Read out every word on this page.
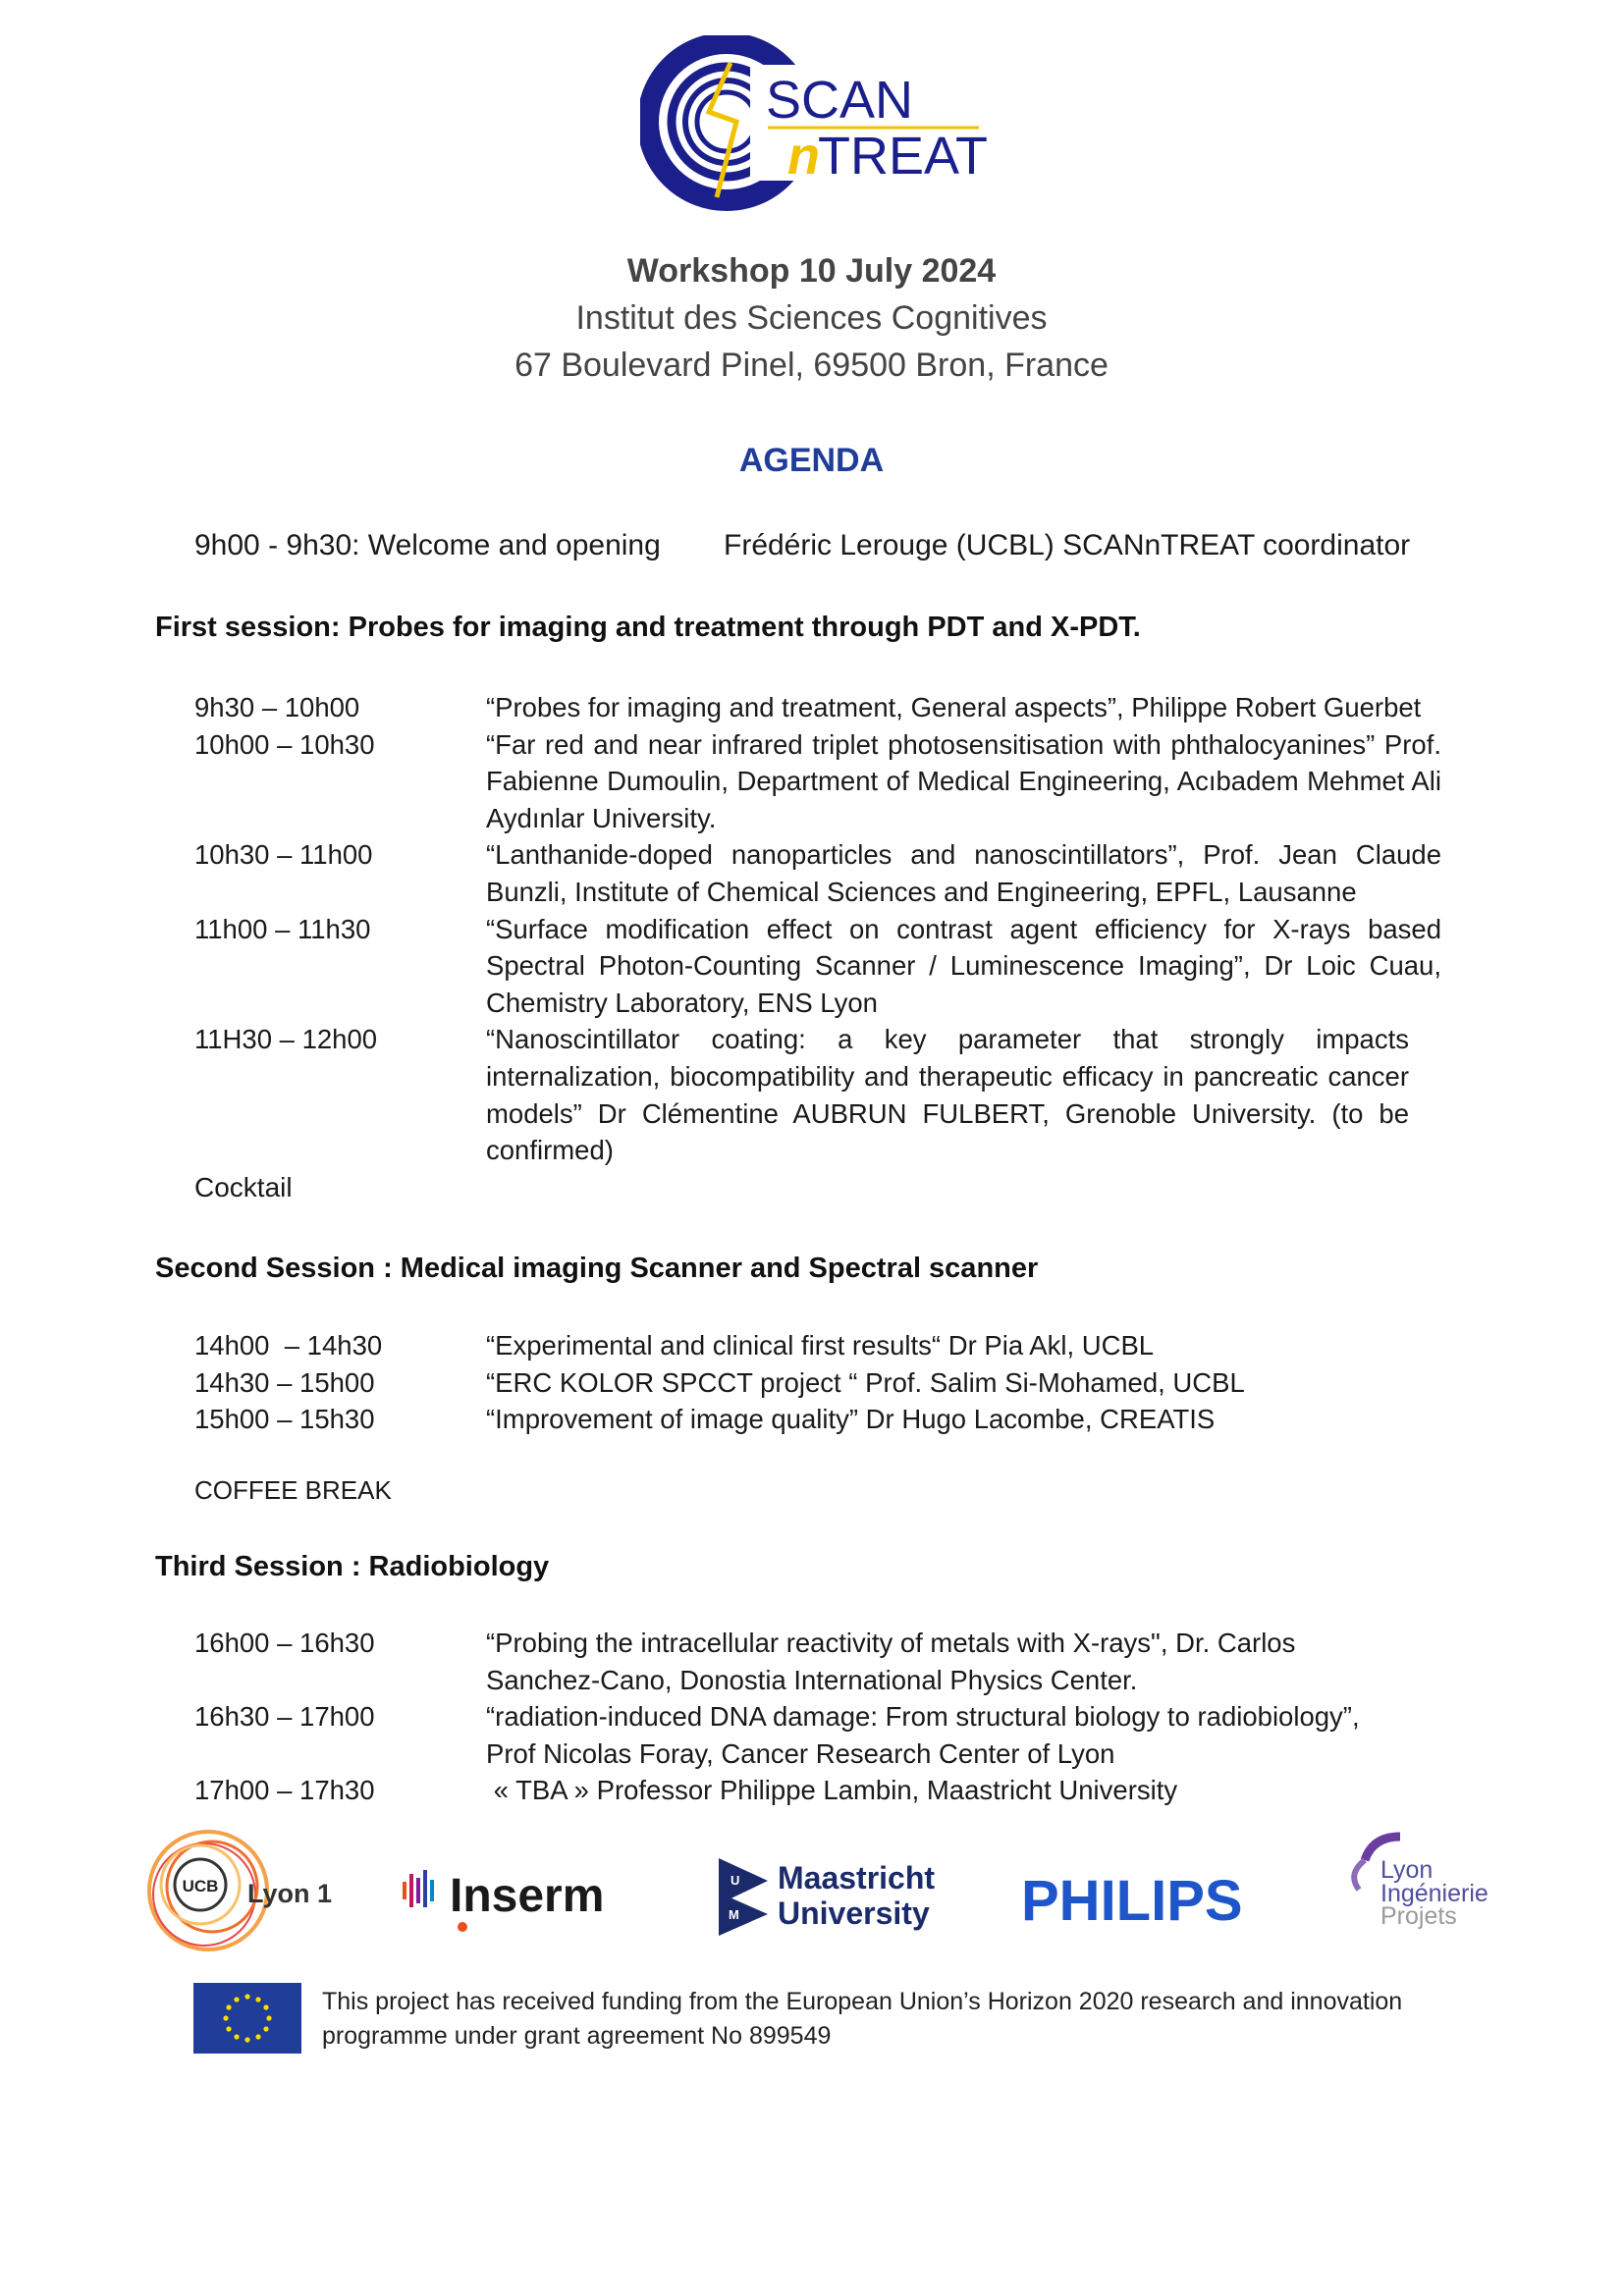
SCAN
n
TREAT
Workshop 10 July 2024
Institut des Sciences Cognitives
67 Boulevard Pinel, 69500 Bron, France
AGENDA
9h00 - 9h30: Welcome and opening Frédéric Lerouge (UCBL) SCANnTREAT coordinator
First session: Probes for imaging and treatment through PDT and X-PDT.
9h30 – 10h00	“Probes for imaging and treatment, General aspects”, Philippe Robert Guerbet
10h00 – 10h30	“Far red and near infrared triplet photosensitisation with phthalocyanines” Prof. Fabienne Dumoulin, Department of Medical Engineering, Acıbadem Mehmet Ali Aydınlar University.
10h30 – 11h00	“Lanthanide-doped nanoparticles and nanoscintillators”, Prof. Jean Claude Bunzli, Institute of Chemical Sciences and Engineering, EPFL, Lausanne
11h00 – 11h30	“Surface modification effect on contrast agent efficiency for X-rays based Spectral Photon-Counting Scanner / Luminescence Imaging”, Dr Loic Cuau, Chemistry Laboratory, ENS Lyon
11H30 – 12h00	“Nanoscintillator coating: a key parameter that strongly impacts internalization, biocompatibility and therapeutic efficacy in pancreatic cancer models” Dr Clémentine AUBRUN FULBERT, Grenoble University. (to be confirmed)
Cocktail
Second Session : Medical imaging Scanner and Spectral scanner
14h00  – 14h30	“Experimental and clinical first results“ Dr Pia Akl, UCBL
14h30 – 15h00	“ERC KOLOR SPCCT project “ Prof. Salim Si-Mohamed, UCBL
15h00 – 15h30	“Improvement of image quality” Dr Hugo Lacombe, CREATIS
COFFEE BREAK
Third Session : Radiobiology
16h00 – 16h30	“Probing the intracellular reactivity of metals with X-rays", Dr. Carlos Sanchez-Cano, Donostia International Physics Center.
16h30 – 17h00	“radiation-induced DNA damage: From structural biology to radiobiology”, Prof Nicolas Foray, Cancer Research Center of Lyon
17h00 – 17h30	« TBA » Professor Philippe Lambin, Maastricht University
UCB Lyon 1 Inserm	U
M
Maastricht
University PHILIPS	Lyon
Ingénierie
Projets
This project has received funding from the European Union’s Horizon 2020 research and innovation programme under grant agreement No 899549
